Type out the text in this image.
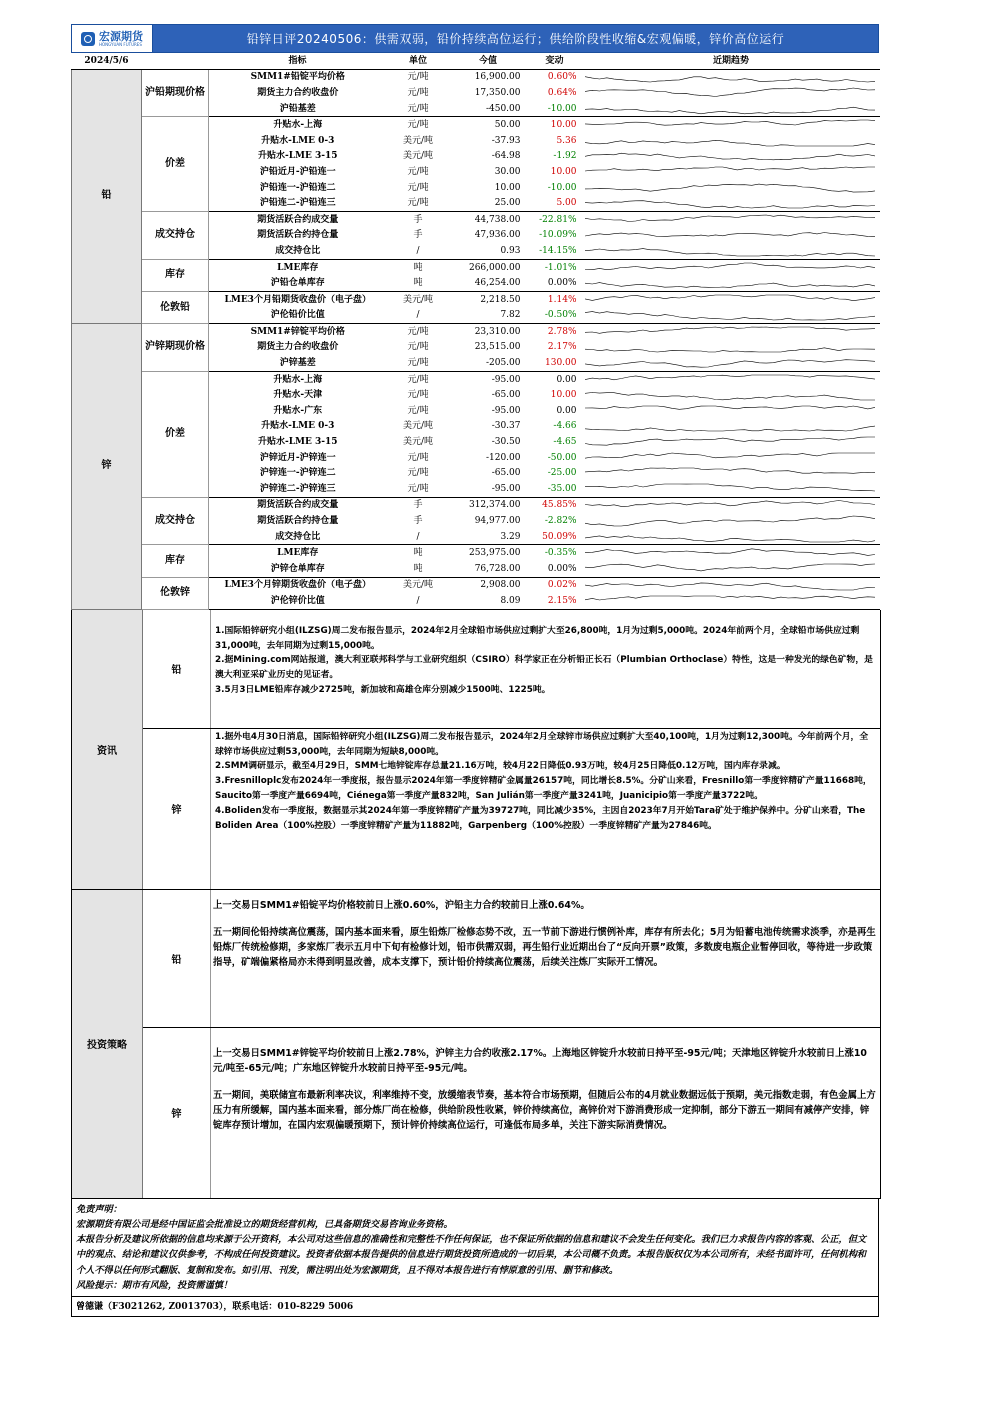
宏源期货
HONGYUAN FUTURES	铅锌日评20240506：供需双弱，铅价持续高位运行；供给阶段性收缩&宏观偏暖，锌价高位运行
2024/5/6		指标	单位	今值	变动	近期趋势
铅	沪铅期现价格	SMM1#铅锭平均价格	元/吨	16,900.00	0.60%	

		期货主力合约收盘价	元/吨	17,350.00	0.64%	

		沪铅基差	元/吨	-450.00	-10.00	

	价差	升贴水-上海	元/吨	50.00	10.00	

		升贴水-LME 0-3	美元/吨	-37.93	5.36	

		升贴水-LME 3-15	美元/吨	-64.98	-1.92	

		沪铅近月-沪铅连一	元/吨	30.00	10.00	

		沪铅连一-沪铅连二	元/吨	10.00	-10.00	

		沪铅连二-沪铅连三	元/吨	25.00	5.00	

	成交持仓	期货活跃合约成交量	手	44,738.00	-22.81%	

		期货活跃合约持仓量	手	47,936.00	-10.09%	

		成交持仓比	/	0.93	-14.15%	

	库存	LME库存	吨	266,000.00	-1.01%	

		沪铅仓单库存	吨	46,254.00	0.00%	

	伦敦铅	LME3个月铅期货收盘价（电子盘）	美元/吨	2,218.50	1.14%	

		沪伦铅价比值	/	7.82	-0.50%	

锌	沪锌期现价格	SMM1#锌锭平均价格	元/吨	23,310.00	2.78%	

		期货主力合约收盘价	元/吨	23,515.00	2.17%	

		沪锌基差	元/吨	-205.00	130.00	

	价差	升贴水-上海	元/吨	-95.00	0.00	

		升贴水-天津	元/吨	-65.00	10.00	

		升贴水-广东	元/吨	-95.00	0.00	

		升贴水-LME 0-3	美元/吨	-30.37	-4.66	

		升贴水-LME 3-15	美元/吨	-30.50	-4.65	

		沪锌近月-沪锌连一	元/吨	-120.00	-50.00	

		沪锌连一-沪锌连二	元/吨	-65.00	-25.00	

		沪锌连二-沪锌连三	元/吨	-95.00	-35.00	

	成交持仓	期货活跃合约成交量	手	312,374.00	45.85%	

		期货活跃合约持仓量	手	94,977.00	-2.82%	

		成交持仓比	/	3.29	50.09%	

	库存	LME库存	吨	253,975.00	-0.35%	

		沪锌仓单库存	吨	76,728.00	0.00%	

	伦敦锌	LME3个月锌期货收盘价（电子盘）	美元/吨	2,908.00	0.02%	

		沪伦锌价比值	/	8.09	2.15%	
资讯
铅
1.国际铅锌研究小组(ILZSG)周二发布报告显示，2024年2月全球铅市场供应过剩扩大至26,800吨，1月为过剩5,000吨。2024年前两个月，全球铅市场供应过剩31,000吨，去年同期为过剩15,000吨。
2.据Mining.com网站报道，澳大利亚联邦科学与工业研究组织（CSIRO）科学家正在分析铅正长石（Plumbian Orthoclase）特性，这是一种发光的绿色矿物，是澳大利亚采矿业历史的见证者。
3.5月3日LME铅库存减少2725吨，新加坡和高雄仓库分别减少1500吨、1225吨。
锌
1.据外电4月30日消息，国际铅锌研究小组(ILZSG)周二发布报告显示，2024年2月全球锌市场供应过剩扩大至40,100吨，1月为过剩12,300吨。今年前两个月，全球锌市场供应过剩53,000吨，去年同期为短缺8,000吨。
2.SMM调研显示，截至4月29日，SMM七地锌锭库存总量21.16万吨，较4月22日降低0.93万吨，较4月25日降低0.12万吨，国内库存录减。
3.Fresnilloplc发布2024年一季度报，报告显示2024年第一季度锌精矿金属量26157吨，同比增长8.5%。分矿山来看，Fresnillo第一季度锌精矿产量11668吨，Saucito第一季度产量6694吨，Ciénega第一季度产量832吨，San Julián第一季度产量3241吨，Juanicipio第一季度产量3722吨。
4.Boliden发布一季度报，数据显示其2024年第一季度锌精矿产量为39727吨，同比减少35%，主因自2023年7月开始Tara矿处于维护保养中。分矿山来看，The Boliden Area（100%控股）一季度锌精矿产量为11882吨，Garpenberg（100%控股）一季度锌精矿产量为27846吨。
投资策略
铅

上一交易日SMM1#铅锭平均价格较前日上涨0.60%，沪铅主力合约较前日上涨0.64%。

五一期间伦铅持续高位震荡，国内基本面来看，原生铅炼厂检修态势不改，五一节前下游进行惯例补库，库存有所去化；5月为铅蓄电池传统需求淡季，亦是再生铅炼厂传统检修期，多家炼厂表示五月中下旬有检修计划，铅市供需双弱，再生铅行业近期出台了“反向开票”政策，多数废电瓶企业暂停回收，等待进一步政策指导，矿端偏紧格局亦未得到明显改善，成本支撑下，预计铅价持续高位震荡，后续关注炼厂实际开工情况。

锌

上一交易日SMM1#锌锭平均价较前日上涨2.78%，沪锌主力合约收涨2.17%。上海地区锌锭升水较前日持平至-95元/吨；天津地区锌锭升水较前日上涨10元/吨至-65元/吨；广东地区锌锭升水较前日持平至-95元/吨。

五一期间，美联储宣布最新利率决议，利率维持不变，放缓缩表节奏，基本符合市场预期，但随后公布的4月就业数据远低于预期，美元指数走弱，有色金属上方压力有所缓解，国内基本面来看，部分炼厂尚在检修，供给阶段性收紧，锌价持续高位，高锌价对下游消费形成一定抑制，部分下游五一期间有减停产安排，锌锭库存预计增加，在国内宏观偏暖预期下，预计锌价持续高位运行，可逢低布局多单，关注下游实际消费情况。

免责声明：
宏源期货有限公司是经中国证监会批准设立的期货经营机构，已具备期货交易咨询业务资格。
本报告分析及建议所依据的信息均来源于公开资料，本公司对这些信息的准确性和完整性不作任何保证，也不保证所依据的信息和建议不会发生任何变化。我们已力求报告内容的客观、公正，但文中的观点、结论和建议仅供参考，不构成任何投资建议。投资者依据本报告提供的信息进行期货投资所造成的一切后果，本公司概不负责。本报告版权仅为本公司所有，未经书面许可，任何机构和个人不得以任何形式翻版、复制和发布。如引用、刊发，需注明出处为宏源期货，且不得对本报告进行有悖原意的引用、删节和修改。
风险提示：期市有风险，投资需谨慎！
曾德谦（F3021262, Z0013703），联系电话：010-8229 5006
